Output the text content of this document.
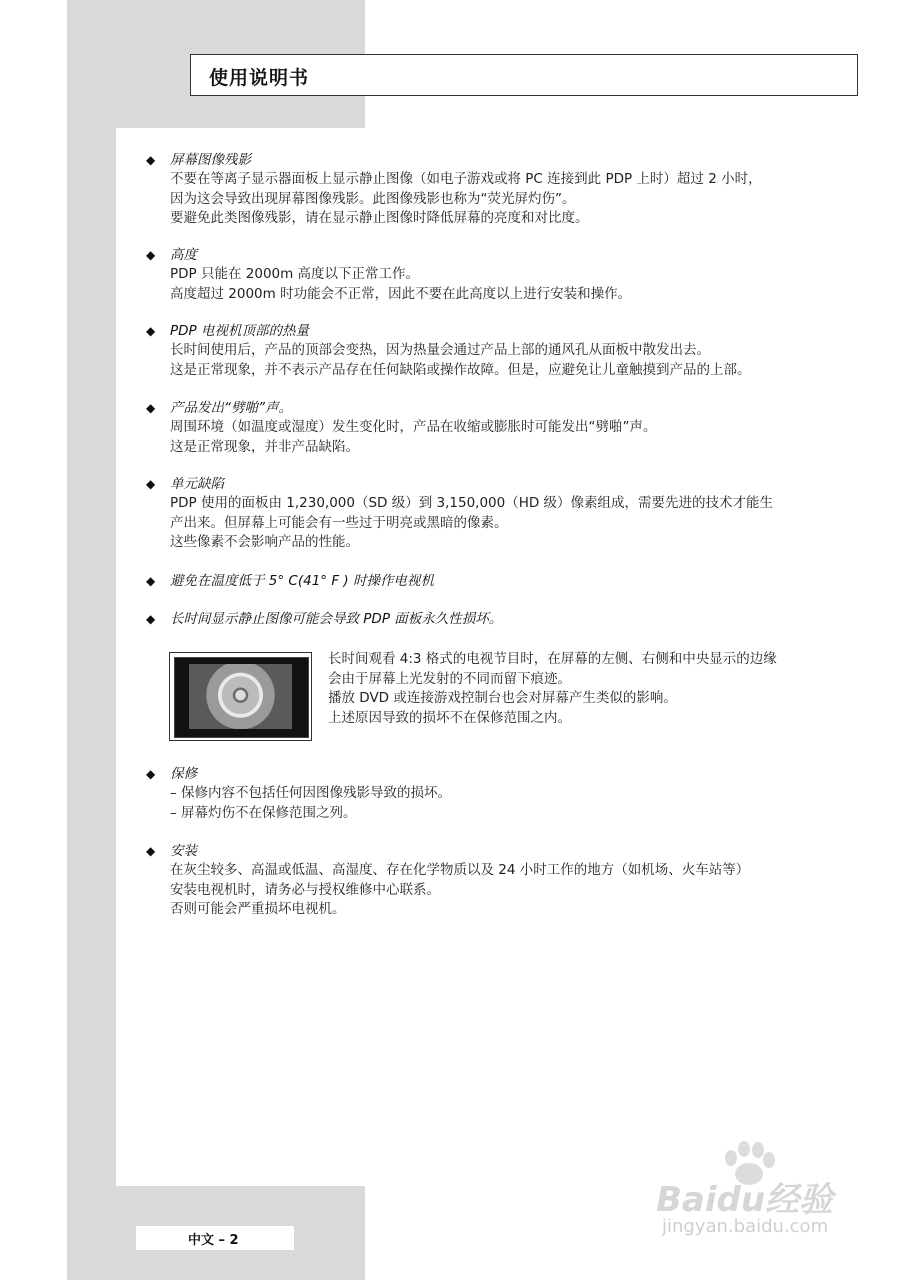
使用说明书
◆ 屏幕图像残影
不要在等离子显示器面板上显示静止图像（如电子游戏或将 PC 连接到此 PDP 上时）超过 2 小时，
因为这会导致出现屏幕图像残影。此图像残影也称为“荧光屏灼伤”。
要避免此类图像残影，请在显示静止图像时降低屏幕的亮度和对比度。
◆ 高度
PDP 只能在 2000m 高度以下正常工作。
高度超过 2000m 时功能会不正常，因此不要在此高度以上进行安装和操作。
◆ PDP 电视机顶部的热量
长时间使用后，产品的顶部会变热，因为热量会通过产品上部的通风孔从面板中散发出去。
这是正常现象，并不表示产品存在任何缺陷或操作故障。但是，应避免让儿童触摸到产品的上部。
◆ 产品发出“劈啪”声。
周围环境（如温度或湿度）发生变化时，产品在收缩或膨胀时可能发出“劈啪”声。
这是正常现象，并非产品缺陷。
◆ 单元缺陷
PDP 使用的面板由 1,230,000（SD 级）到 3,150,000（HD 级）像素组成，需要先进的技术才能生
产出来。但屏幕上可能会有一些过于明亮或黑暗的像素。
这些像素不会影响产品的性能。
◆ 避免在温度低于 5° C(41° F ) 时操作电视机
◆ 长时间显示静止图像可能会导致 PDP 面板永久性损坏。
长时间观看 4:3 格式的电视节目时，在屏幕的左侧、右侧和中央显示的边缘
会由于屏幕上光发射的不同而留下痕迹。
播放 DVD 或连接游戏控制台也会对屏幕产生类似的影响。
上述原因导致的损坏不在保修范围之内。
◆ 保修
– 保修内容不包括任何因图像残影导致的损坏。
– 屏幕灼伤不在保修范围之列。
◆ 安装
在灰尘较多、高温或低温、高湿度、存在化学物质以及 24 小时工作的地方（如机场、火车站等）
安装电视机时，请务必与授权维修中心联系。
否则可能会严重损坏电视机。
中文 – 2
Baidu经验
jingyan.baidu.com
